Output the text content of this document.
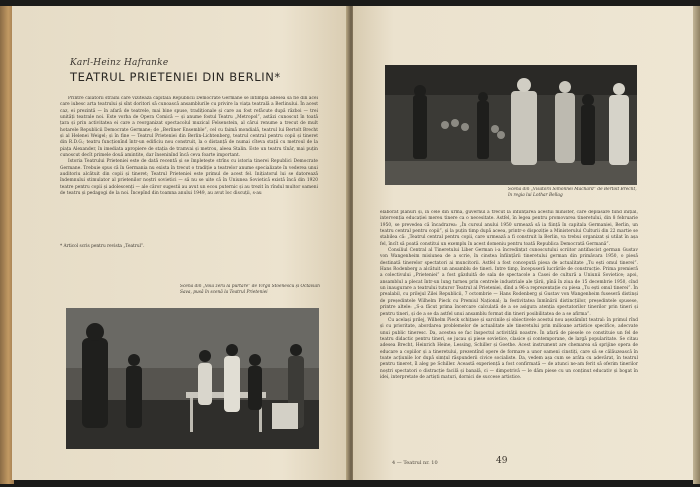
Karl-Heinz Hafranke
TEATRUL PRIETENIEI DIN BERLIN*

Printre călătorii străini care vizitează capitala Republicii Democrate Germane se întîmplă adesea să fie din acei care iubesc arta teatrului și sînt doritori să cunoască ansamblurile cu privire la viața teatrală a Berlinului. În acest caz, ei prezintă — în afară de teatrele, mai bine spuse, tradiționale și care au fost refăcute după război — trei unități teatrale noi. Este vorba de Opera Comică — și anume fostul Teatru „Metropol”, astăzi cunoscut în toată țara și prin activitatea ei care a reorganizat spectacolul muzical Felsenstein, al cărui renume a trecut de mult hotarele Republicii Democrate Germane; de „Berliner Ensemble”, cel cu faimă mondială, teatrul lui Bertolt Brecht și al Helenei Weigel; și în fine — Teatrul Prieteniei din Berlin-Lichtenberg, teatrul central pentru copii și tineret din R.D.G.; teatru funcționînd într-un edificiu nou construit, la o distanță de numai cîteva stații cu metroul de la piața Alexander, în imediata apropiere de stația de tramvai și metrou, aleea Stalin. Este un teatru tînăr, mai puțin cunoscut decît primele două amintite, dar înseninînd încă ceva foarte important.

Istoria Teatrului Prieteniei este de dată recentă și se împletește strîns cu istoria tinerei Republici Democrate Germane. Trebuie spus că în Germania nu exista în trecut o tradiție a teatrelor anume specializate în vederea unui auditoriu alcătuit din copii și tineret; Teatrul Prieteniei este primul de acest fel. Inițiatorul lui se datorează îndemnului stimulator al prietenilor noștri sovietici — să nu se uite că în Uniunea Sovietică există încă din 1920 teatre pentru copii și adolescenți — ale căror sugestii au avut un ecou puternic și au trezit în rîndul multor oameni de teatru și pedagogi de la noi. Începînd din toamna anului 1949, au avut loc discuții, s-au

* Articol scris pentru revista „Teatrul”.
Scenă din „Voia zeru la purtare” de Virgil Stoenescu și Octavian Sava, pusă în scenă la Teatrul Prieteniei
Scenă din „Visătorii Simonnei Machard” de Bertolt Brecht, în regia lui Lothar Bellag

elaborat planuri și, în cele din urmă, guvernul a trecut la înființarea acestui minister, care deplasare fiind inițial, intervenția educației mereu tinere ca o necesitate. Astfel, în legea pentru promovarea tineretului, din 8 februarie 1950, se prevedea că încadrarea: „În cursul anului 1950 urmează să ia ființă în capitala Germaniei, Berlin, un teatru central pentru copii”, și la puțin timp după aceea, printr-o dispoziție a Ministerului Culturii din 22 martie se stabilea că: „Teatrul central pentru copii, care urmează a fi construit la Berlin, va trebui organizat și utilat în așa fel, încît să poată constitui un exemplu în acest domeniu pentru toată Republica Democrată Germană”.

Consiliul Central al Tineretului Liber German i-a încredințat cunoscutului scriitor antifascist german Gustav von Wangenheim misiunea de a scrie, în cinstea înființării tineretului german din primăvara 1950, o piesă destinată tinerelor spectatori ai muncitorii. Astfel a fost concepută piesa de actualitate „Tu ești omul tinerei”. Hans Rodenberg a alcătuit un ansamblu de tineri. Intre timp, începuseră lucrările de construcție. Prima premieră a colectivului „Prieteniei” a fost găzduită de sala de spectacole a Casei de cultură a Uniunii Sovietice; apoi, ansamblul a plecat într-un lung turneu prin centrele industriale ale țării, pînă în ziua de 15 decembrie 1950, cînd un inaugurare a teatrului tuturor Teatrul al Prieteniei, dînd a 96-a reprezentație cu piesa „Tu ești omul tinerei”. În prealabil, cu prilejul Zilei Republicii, 7 octombrie — Hans Rodenberg și Gustav von Wangenheim fuseseră distinși de președintele Wilhelm Pieck cu Premiul Național; la festivitatea înmînării distincțiilor, președintele spusese, printre altele: „S-a făcut prima încercare calculată de a se asigura atenția spectatorilor tinerilor prin tineri și pentru tineri, și de a se da astfel unui ansamblu format din tineri posibilitatea de a se afirma”.

Cu același prilej, Wilhelm Pieck schițase și sarcinile și obiectivele acestui nou așezămînt teatral: în primul rînd și cu prioritate, abordarea problemelor de actualitate ale tineretului prin milioane artistice specifice, adecvate unui public tineresc. Da, acestea se fac înspectul activității noastre. În afară de piesele ce constituie un fel de teatru didactic pentru tineri, se jucau și piese sovietice, clasice și contemporane, de largă popularitate. Se citau adesea Brecht, Heinrich Heine, Lessing, Schiller și Goethe. Acest instrument are chemarea să sprijine opera de educare a copiilor și a tineretului, prezentînd opere de formare a unor oameni cinstiți, care să se călăuzească în toate acțiunile lor după simțul răspunderii civice socialiste. Da, vedem așa cum se arăta cu adevărat, în teatrul pentru tineret, îl aleg pe Schiller. Această experiență a fost confirmată — de atunci ne-am ferit să oferim tinerilor noștri spectatori o distracție facilă și banală, ci — dimpotrivă — le dăm piese cu un conținut educativ și bogat în idei, interpretate de artiști maturi, dornici de succese artistice.

4 — Teatrul nr. 10	49
